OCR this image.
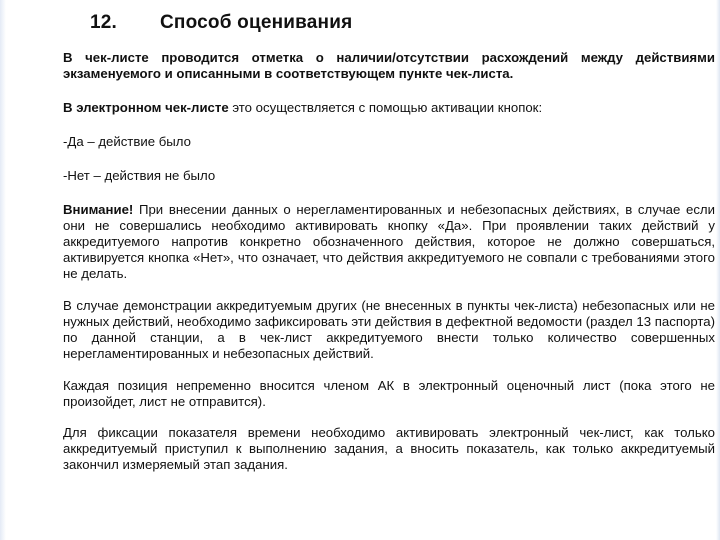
12. Способ оценивания

В чек-листе проводится отметка о наличии/отсутствии расхождений между действиями экзаменуемого и описанными в соответствующем пункте чек-листа.

В электронном чек-листе это осуществляется с помощью активации кнопок:

-Да – действие было

-Нет – действия не было

Внимание! При внесении данных о нерегламентированных и небезопасных действиях, в случае если они не совершались необходимо активировать кнопку «Да». При проявлении таких действий у аккредитуемого напротив конкретно обозначенного действия, которое не должно совершаться, активируется кнопка «Нет», что означает, что действия аккредитуемого не совпали с требованиями этого не делать.

В случае демонстрации аккредитуемым других (не внесенных в пункты чек-листа) небезопасных или не нужных действий, необходимо зафиксировать эти действия в дефектной ведомости (раздел 13 паспорта) по данной станции, а в чек-лист аккредитуемого внести только количество совершенных нерегламентированных и небезопасных действий.

Каждая позиция непременно вносится членом АК в электронный оценочный лист (пока этого не произойдет, лист не отправится).

Для фиксации показателя времени необходимо активировать электронный чек-лист, как только аккредитуемый приступил к выполнению задания, а вносить показатель, как только аккредитуемый закончил измеряемый этап задания.
